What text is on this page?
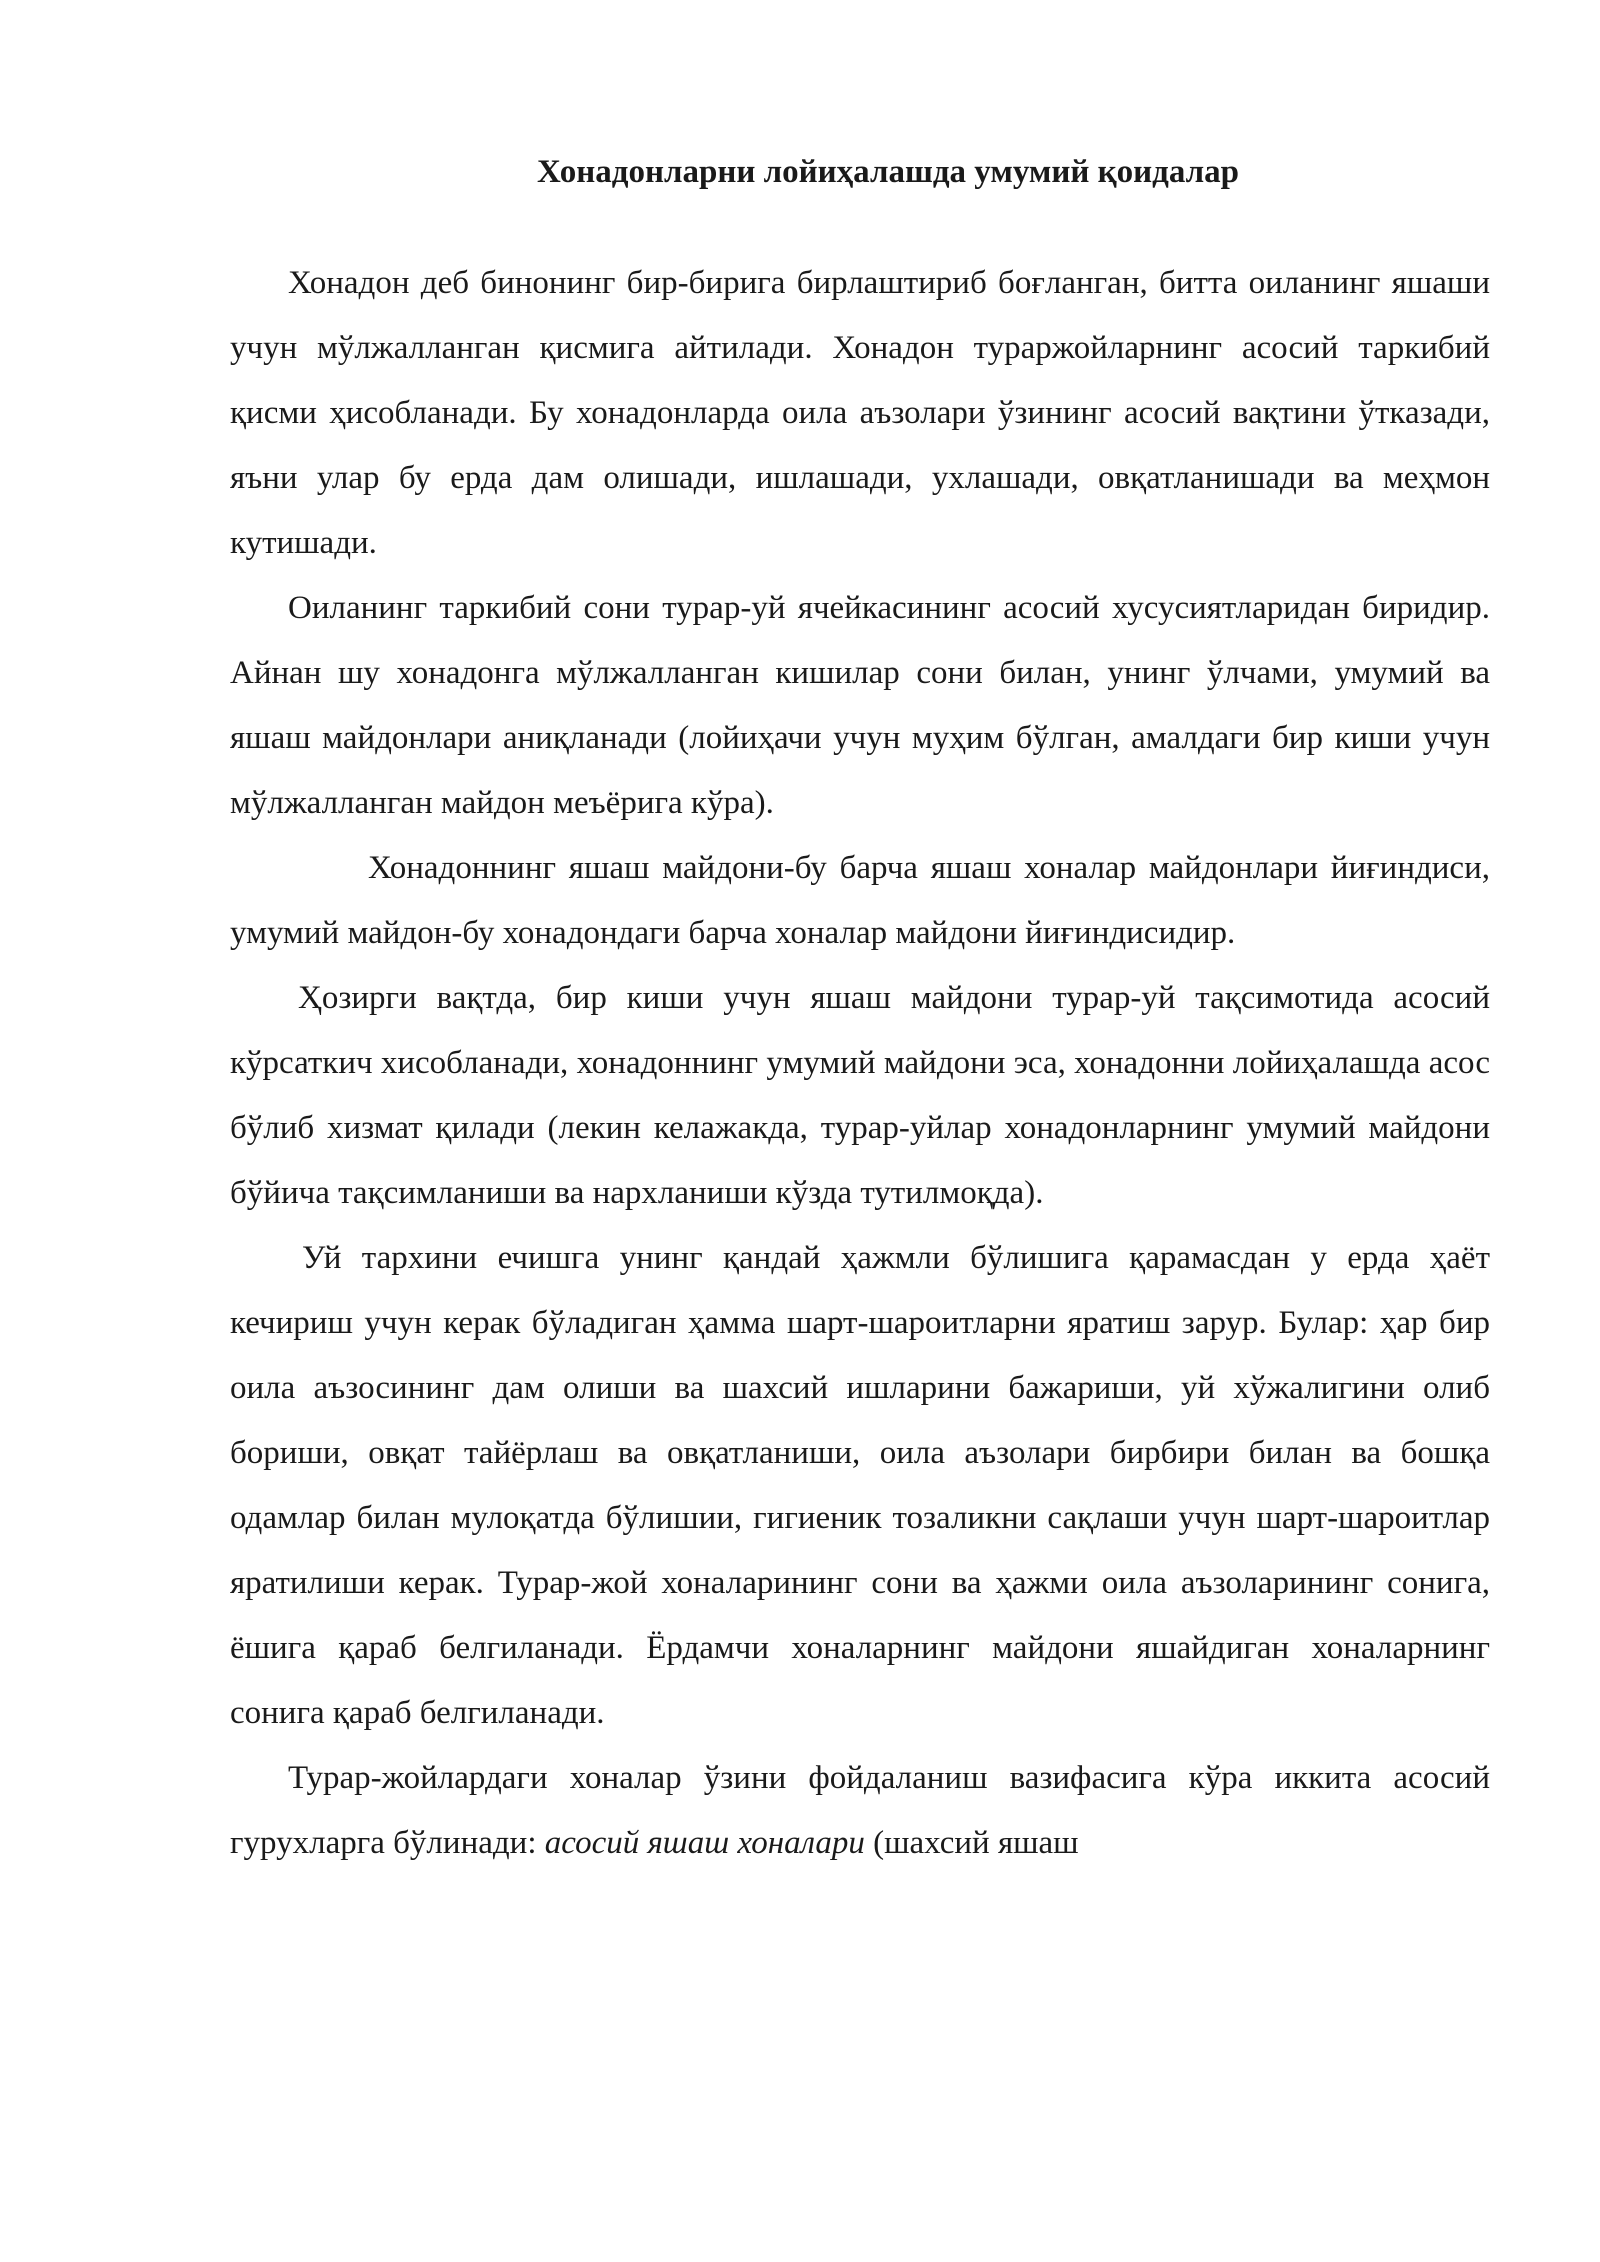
Хонадонларни лойиҳалашда умумий қоидалар

Хонадон деб бинонинг бир-бирига бирлаштириб боғланган, битта оиланинг яшаши учун мўлжалланган қисмига айтилади. Хонадон тураржойларнинг асосий таркибий қисми ҳисобланади. Бу хонадонларда оила аъзолари ўзининг асосий вақтини ўтказади, яъни улар бу ерда дам олишади, ишлашади, ухлашади, овқатланишади ва меҳмон кутишади.

Оиланинг таркибий сони турар-уй ячейкасининг асосий хусусиятларидан биридир. Айнан шу хонадонга мўлжалланган кишилар сони билан, унинг ўлчами, умумий ва яшаш майдонлари аниқланади (лойиҳачи учун муҳим бўлган, амалдаги бир киши учун мўлжалланган майдон меъёрига кўра).

Хонадоннинг яшаш майдони-бу барча яшаш хоналар майдонлари йиғиндиси, умумий майдон-бу хонадондаги барча хоналар майдони йиғиндисидир.

Ҳозирги вақтда, бир киши учун яшаш майдони турар-уй тақсимотида асосий кўрсаткич хисобланади, хонадоннинг умумий майдони эса, хонадонни лойиҳалашда асос бўлиб хизмат қилади (лекин келажакда, турар-уйлар хонадонларнинг умумий майдони бўйича тақсимланиши ва нархланиши кўзда тутилмоқда).

Уй тархини ечишга унинг қандай ҳажмли бўлишига қарамасдан у ерда ҳаёт кечириш учун керак бўладиган ҳамма шарт-шароитларни яратиш зарур. Булар: ҳар бир оила аъзосининг дам олиши ва шахсий ишларини бажариши, уй хўжалигини олиб бориши, овқат тайёрлаш ва овқатланиши, оила аъзолари бирбири билан ва бошқа одамлар билан мулоқатда бўлишии, гигиеник тозаликни сақлаши учун шарт-шароитлар яратилиши керак. Турар-жой хоналарининг сони ва ҳажми оила аъзоларининг сонига, ёшига қараб белгиланади. Ёрдамчи хоналарнинг майдони яшайдиган хоналарнинг сонига қараб белгиланади.

Турар-жойлардаги хоналар ўзини фойдаланиш вазифасига кўра иккита асосий гурухларга бўлинади: асосий яшаш хоналари (шахсий яшаш
